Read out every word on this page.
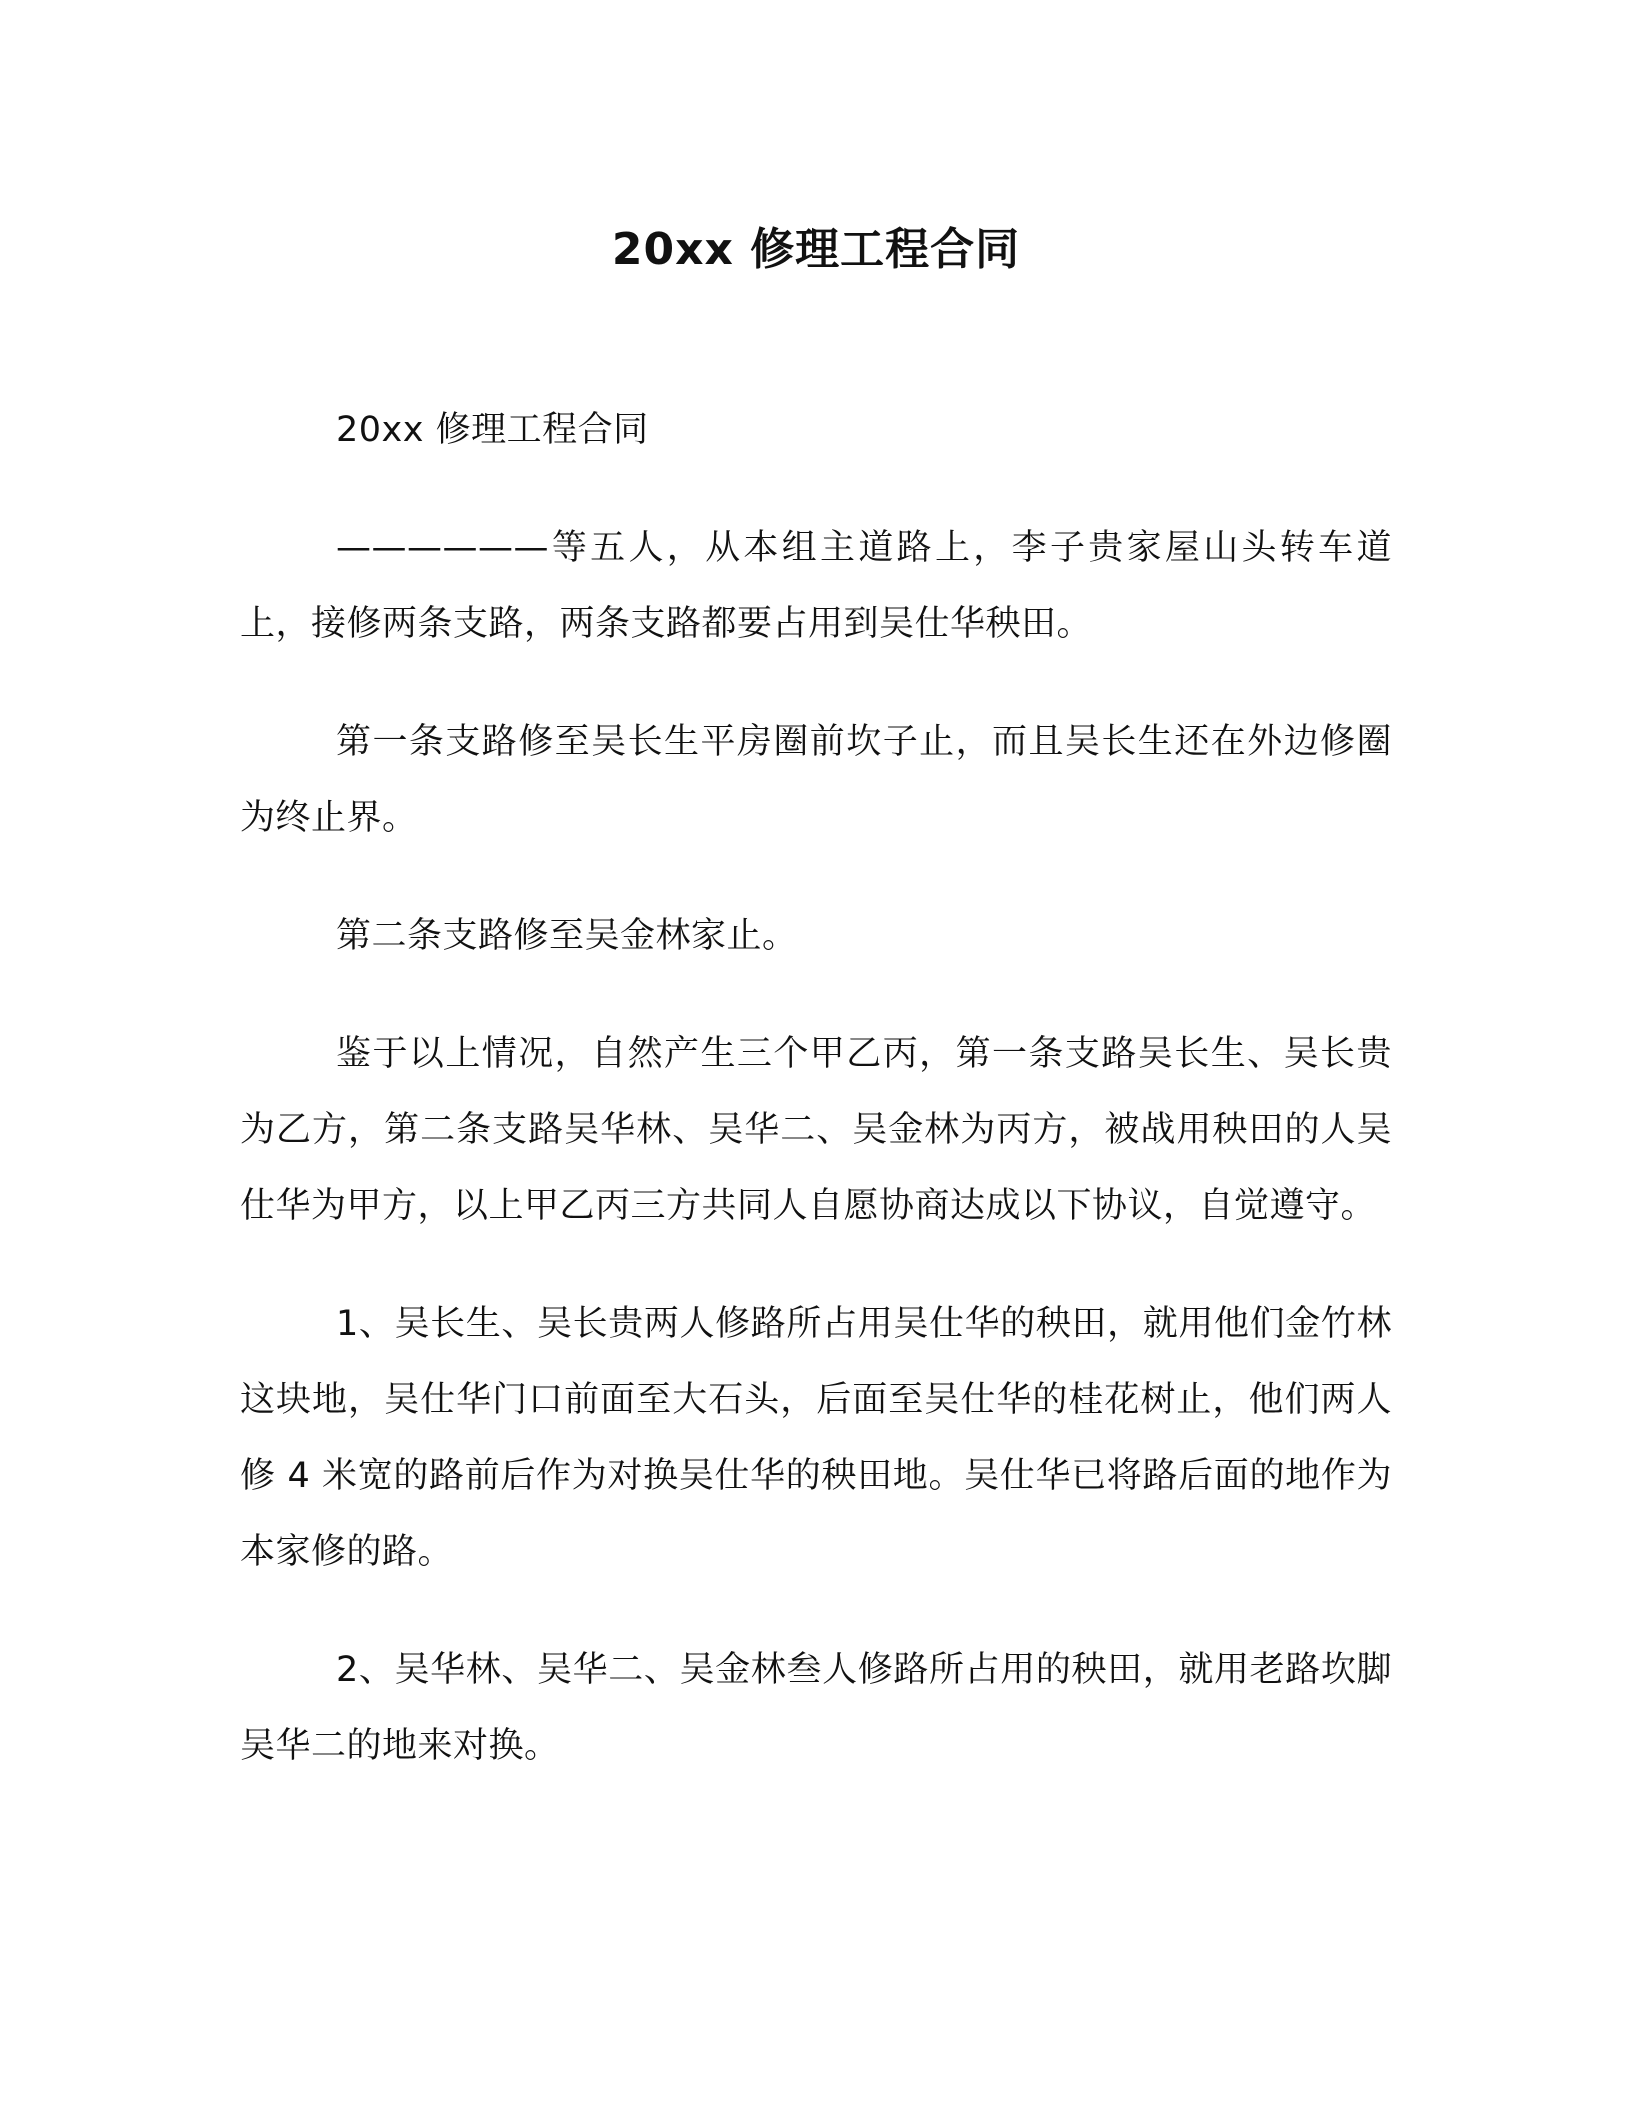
20xx 修理工程合同

20xx 修理工程合同

——————等五人，从本组主道路上，李子贵家屋山头转车道上，接修两条支路，两条支路都要占用到吴仕华秧田。

第一条支路修至吴长生平房圈前坎子止，而且吴长生还在外边修圈为终止界。

第二条支路修至吴金林家止。

鉴于以上情况，自然产生三个甲乙丙，第一条支路吴长生、吴长贵为乙方，第二条支路吴华林、吴华二、吴金林为丙方，被战用秧田的人吴仕华为甲方，以上甲乙丙三方共同人自愿协商达成以下协议，自觉遵守。

1、吴长生、吴长贵两人修路所占用吴仕华的秧田，就用他们金竹林这块地，吴仕华门口前面至大石头，后面至吴仕华的桂花树止，他们两人修 4 米宽的路前后作为对换吴仕华的秧田地。吴仕华已将路后面的地作为本家修的路。

2、吴华林、吴华二、吴金林叁人修路所占用的秧田，就用老路坎脚吴华二的地来对换。
